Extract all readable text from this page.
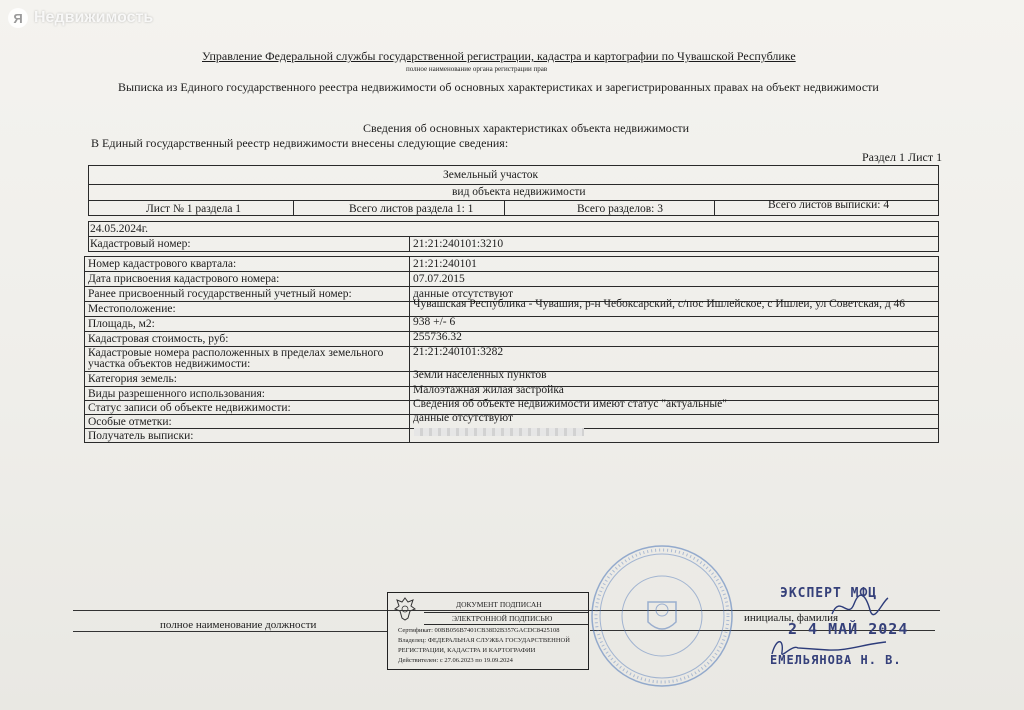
Я Недвижимость
Управление Федеральной службы государственной регистрации, кадастра и картографии по Чувашской Республике
полное наименование органа регистрации прав
Выписка из Единого государственного реестра недвижимости об основных характеристиках и зарегистрированных правах на объект недвижимости
Сведения об основных характеристиках объекта недвижимости
В Единый государственный реестр недвижимости внесены следующие сведения:
Раздел 1 Лист 1
Земельный участок
вид объекта недвижимости
Лист № 1 раздела 1	Всего листов раздела 1: 1	Всего разделов: 3	Всего листов выписки: 4
24.05.2024г.
Кадастровый номер:	21:21:240101:3210
Номер кадастрового квартала:	21:21:240101
Дата присвоения кадастрового номера:	07.07.2015
Ранее присвоенный государственный учетный номер:	данные отсутствуют
Местоположение:	Чувашская Республика - Чувашия, р-н Чебоксарский, с/пос Ишлейское, с Ишлеи, ул Советская, д 46
Площадь, м2:	938 +/- 6
Кадастровая стоимость, руб:	255736.32
Кадастровые номера расположенных в пределах земельного
участка объектов недвижимости:
21:21:240101:3282
Категория земель:	Земли населенных пунктов
Виды разрешенного использования:	Малоэтажная жилая застройка
Статус записи об объекте недвижимости:	Сведения об объекте недвижимости имеют статус "актуальные"
Особые отметки:	данные отсутствуют
Получатель выписки:
полное наименование должности
инициалы, фамилия
ДОКУМЕНТ ПОДПИСАН
ЭЛЕКТРОННОЙ ПОДПИСЬЮ
Сертификат: 00BB056B7401CB38D2B357GACDC8425108
Владелец: ФЕДЕРАЛЬНАЯ СЛУЖБА ГОСУДАРСТВЕННОЙ
РЕГИСТРАЦИИ, КАДАСТРА И КАРТОГРАФИИ
Действителен: с 27.06.2023 по 19.09.2024
ЭКСПЕРТ МФЦ
2 4 МАЙ 2024
ЕМЕЛЬЯНОВА Н. В.
